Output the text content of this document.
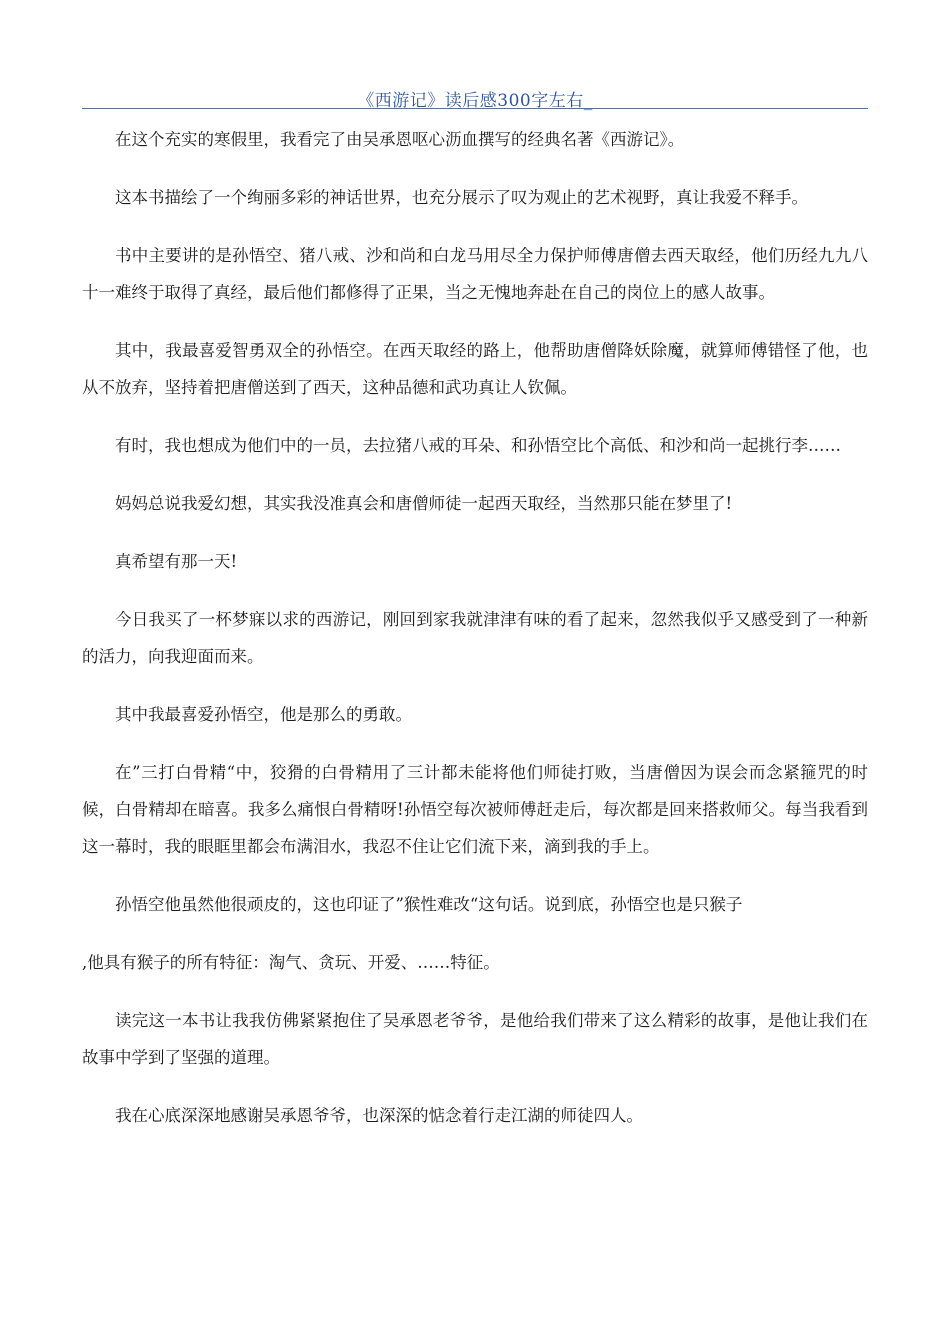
《西游记》读后感300字左右_

在这个充实的寒假里，我看完了由吴承恩呕心沥血撰写的经典名著《西游记》。

这本书描绘了一个绚丽多彩的神话世界，也充分展示了叹为观止的艺术视野，真让我爱不释手。

书中主要讲的是孙悟空、猪八戒、沙和尚和白龙马用尽全力保护师傅唐僧去西天取经，他们历经九九八十一难终于取得了真经，最后他们都修得了正果，当之无愧地奔赴在自己的岗位上的感人故事。

其中，我最喜爱智勇双全的孙悟空。在西天取经的路上，他帮助唐僧降妖除魔，就算师傅错怪了他，也从不放弃，坚持着把唐僧送到了西天，这种品德和武功真让人钦佩。

有时，我也想成为他们中的一员，去拉猪八戒的耳朵、和孙悟空比个高低、和沙和尚一起挑行李……

妈妈总说我爱幻想，其实我没准真会和唐僧师徒一起西天取经，当然那只能在梦里了!

真希望有那一天!

今日我买了一杯梦寐以求的西游记，刚回到家我就津津有味的看了起来，忽然我似乎又感受到了一种新的活力，向我迎面而来。

其中我最喜爱孙悟空，他是那么的勇敢。

在”三打白骨精“中，狡猾的白骨精用了三计都未能将他们师徒打败，当唐僧因为误会而念紧箍咒的时候，白骨精却在暗喜。我多么痛恨白骨精呀!孙悟空每次被师傅赶走后，每次都是回来搭救师父。每当我看到这一幕时，我的眼眶里都会布满泪水，我忍不住让它们流下来，滴到我的手上。

孙悟空他虽然他很顽皮的，这也印证了”猴性难改“这句话。说到底，孙悟空也是只猴子

,他具有猴子的所有特征：淘气、贪玩、开爱、……特征。

读完这一本书让我我仿佛紧紧抱住了吴承恩老爷爷，是他给我们带来了这么精彩的故事，是他让我们在故事中学到了坚强的道理。

我在心底深深地感谢吴承恩爷爷，也深深的惦念着行走江湖的师徒四人。
